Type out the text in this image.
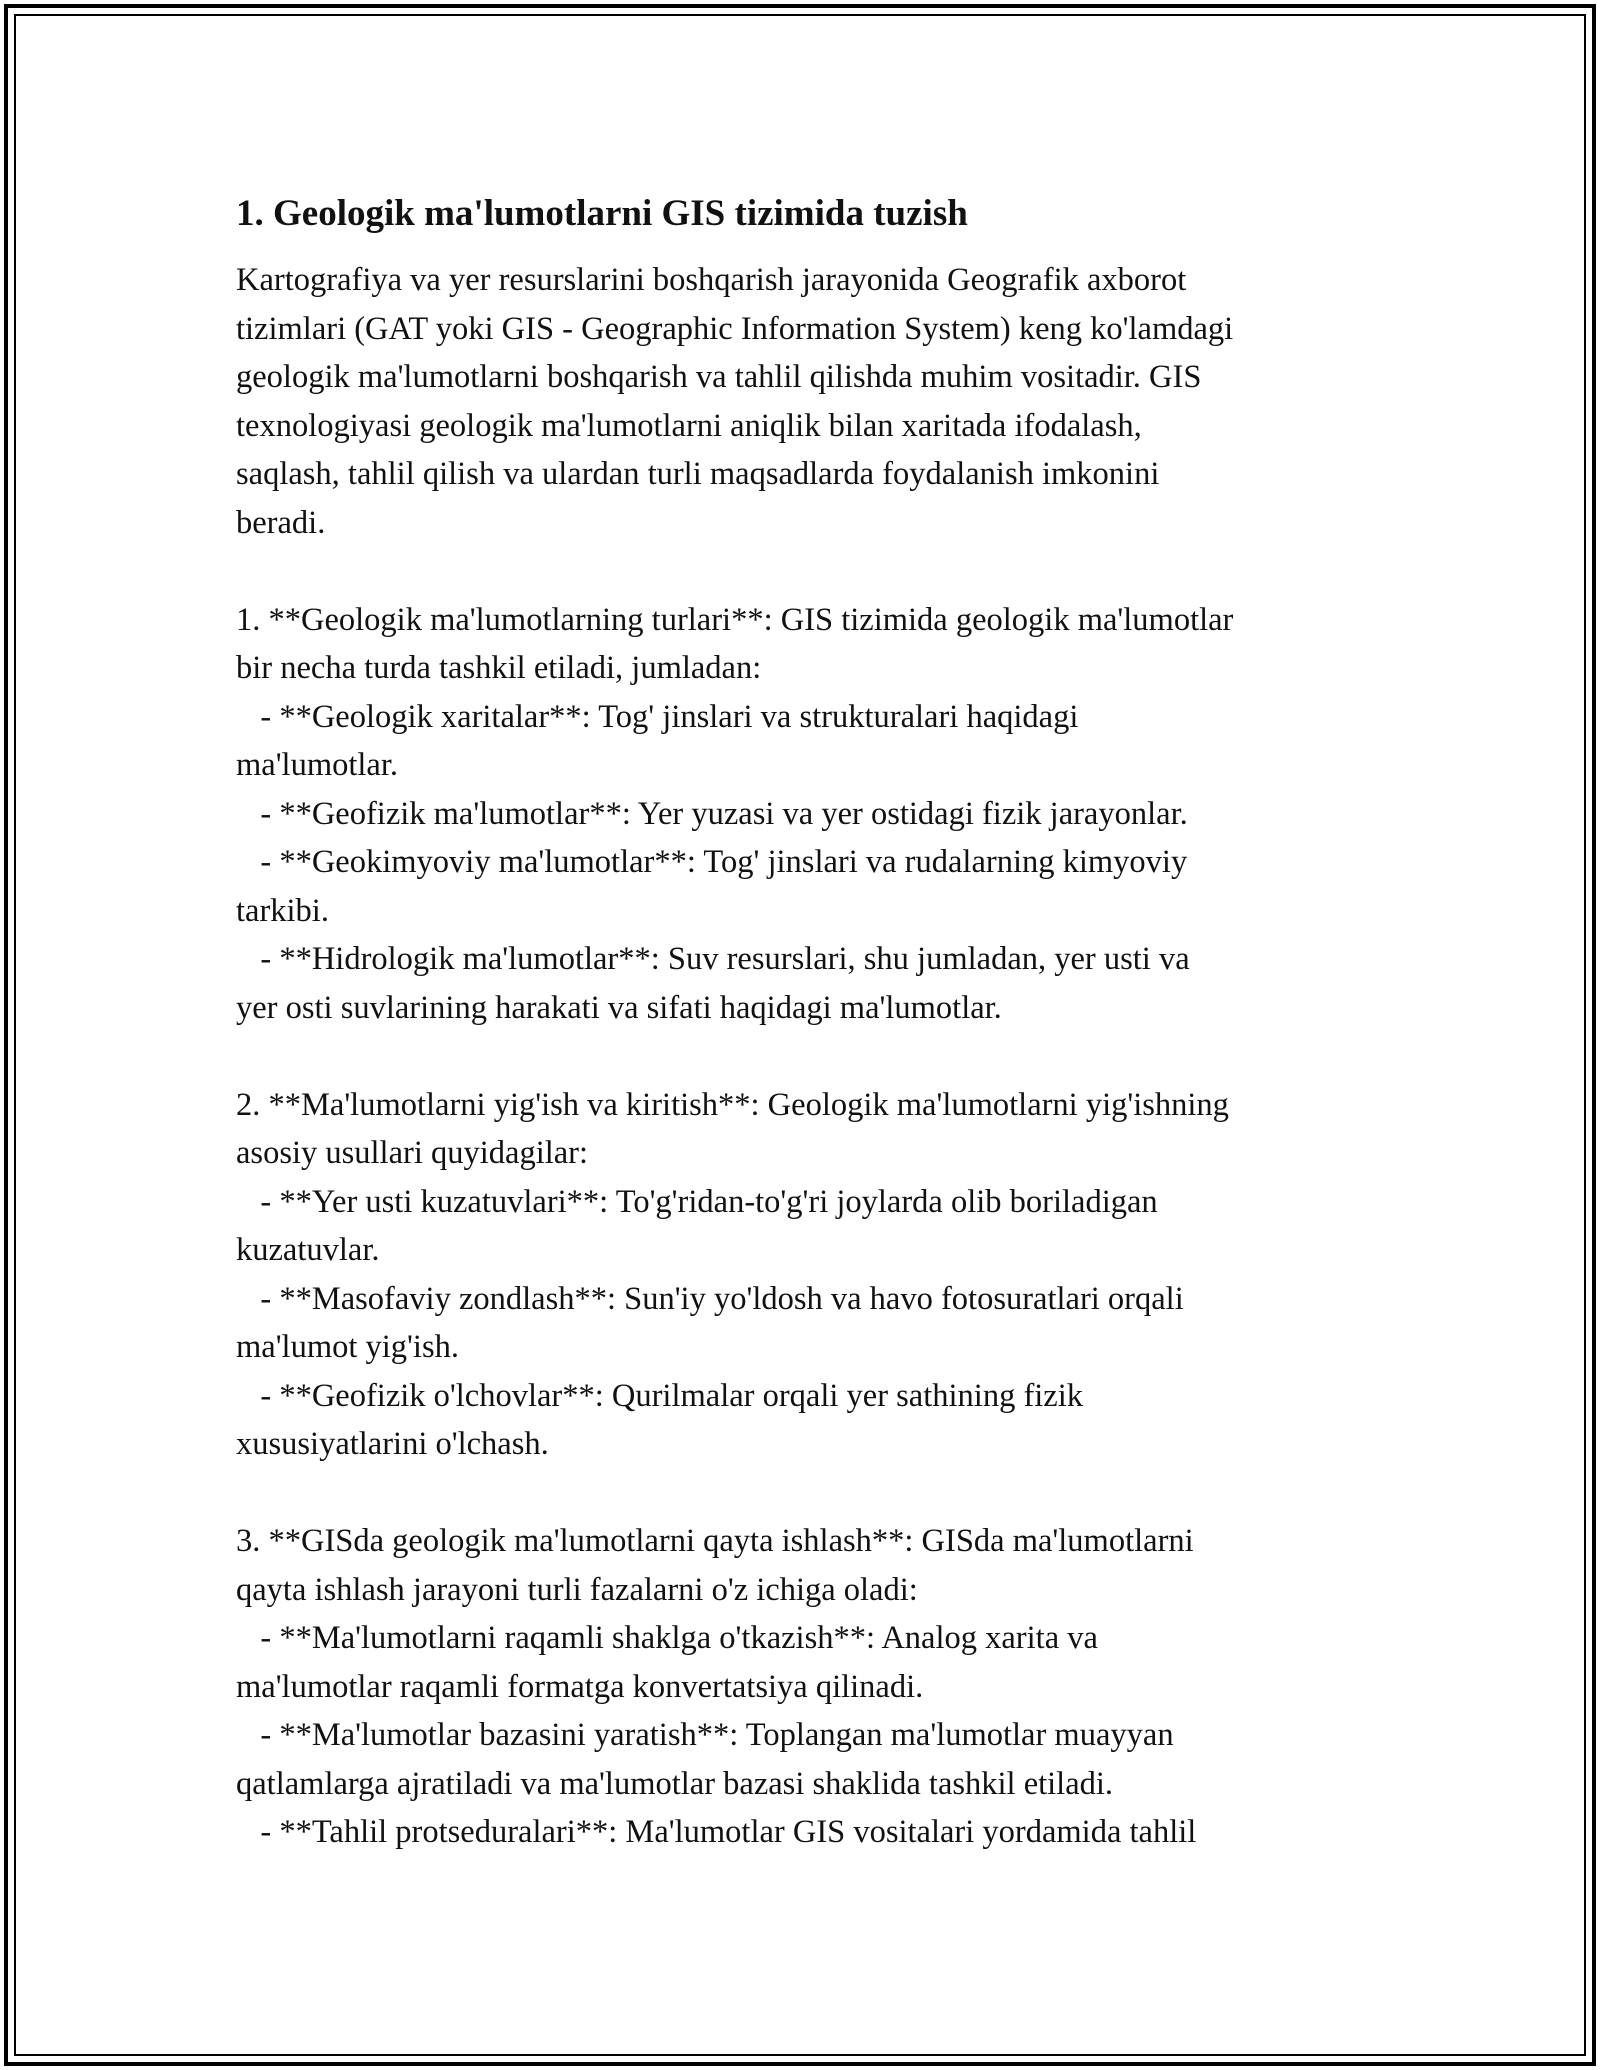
1. Geologik ma'lumotlarni GIS tizimida tuzish

Kartografiya va yer resurslarini boshqarish jarayonida Geografik axborot
tizimlari (GAT yoki GIS - Geographic Information System) keng ko'lamdagi
geologik ma'lumotlarni boshqarish va tahlil qilishda muhim vositadir. GIS
texnologiyasi geologik ma'lumotlarni aniqlik bilan xaritada ifodalash,
saqlash, tahlil qilish va ulardan turli maqsadlarda foydalanish imkonini
beradi.

1. **Geologik ma'lumotlarning turlari**: GIS tizimida geologik ma'lumotlar
bir necha turda tashkil etiladi, jumladan:
- **Geologik xaritalar**: Tog' jinslari va strukturalari haqidagi
ma'lumotlar.
- **Geofizik ma'lumotlar**: Yer yuzasi va yer ostidagi fizik jarayonlar.
- **Geokimyoviy ma'lumotlar**: Tog' jinslari va rudalarning kimyoviy
tarkibi.
- **Hidrologik ma'lumotlar**: Suv resurslari, shu jumladan, yer usti va
yer osti suvlarining harakati va sifati haqidagi ma'lumotlar.

2. **Ma'lumotlarni yig'ish va kiritish**: Geologik ma'lumotlarni yig'ishning
asosiy usullari quyidagilar:
- **Yer usti kuzatuvlari**: To'g'ridan-to'g'ri joylarda olib boriladigan
kuzatuvlar.
- **Masofaviy zondlash**: Sun'iy yo'ldosh va havo fotosuratlari orqali
ma'lumot yig'ish.
- **Geofizik o'lchovlar**: Qurilmalar orqali yer sathining fizik
xususiyatlarini o'lchash.

3. **GISda geologik ma'lumotlarni qayta ishlash**: GISda ma'lumotlarni
qayta ishlash jarayoni turli fazalarni o'z ichiga oladi:
- **Ma'lumotlarni raqamli shaklga o'tkazish**: Analog xarita va
ma'lumotlar raqamli formatga konvertatsiya qilinadi.
- **Ma'lumotlar bazasini yaratish**: Toplangan ma'lumotlar muayyan
qatlamlarga ajratiladi va ma'lumotlar bazasi shaklida tashkil etiladi.
- **Tahlil protseduralari**: Ma'lumotlar GIS vositalari yordamida tahlil
